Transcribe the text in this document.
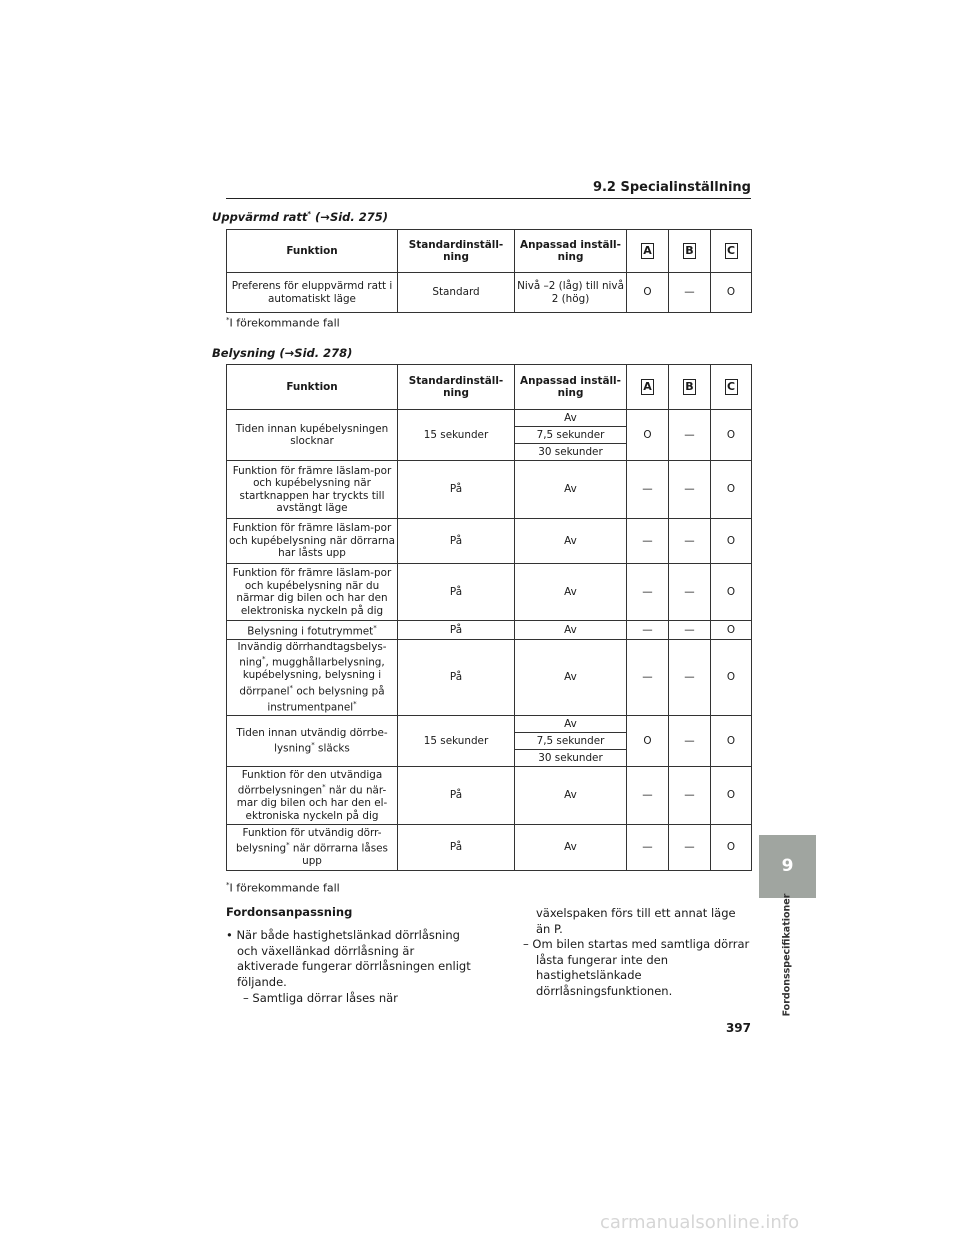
9.2 Specialinställning
Uppvärmd ratt* (→Sid. 275)
Funktion	Standardinställ-ning	Anpassad inställ-ning	A	B	C
Preferens för eluppvärmd ratt i automatiskt läge	Standard	Nivå –2 (låg) till nivå 2 (hög)	O	—	O
*I förekommande fall
Belysning (→Sid. 278)
Funktion	Standardinställ-ning	Anpassad inställ-ning	A	B	C
Tiden innan kupébelysningen slocknar	15 sekunder	Av	O	—	O
		7,5 sekunder			
		30 sekunder			
Funktion för främre läslam-por och kupébelysning när startknappen har tryckts till avstängt läge	På	Av	—	—	O
Funktion för främre läslam-por och kupébelysning när dörrarna har låsts upp	På	Av	—	—	O
Funktion för främre läslam-por och kupébelysning när du närmar dig bilen och har den elektroniska nyckeln på dig	På	Av	—	—	O
Belysning i fotutrymmet*	På	Av	—	—	O
Invändig dörrhandtagsbelys-ning*, mugghållarbelysning, kupébelysning, belysning i dörrpanel* och belysning på instrumentpanel*	På	Av	—	—	O
Tiden innan utvändig dörrbe-lysning* släcks	15 sekunder	Av	O	—	O
		7,5 sekunder			
		30 sekunder			
Funktion för den utvändiga dörrbelysningen* när du när-mar dig bilen och har den el-ektroniska nyckeln på dig	På	Av	—	—	O
Funktion för utvändig dörr-belysning* när dörrarna låses upp	På	Av	—	—	O
*I förekommande fall
Fordonsanpassning
• När både hastighetslänkad dörrlåsning och växellänkad dörrlåsning är aktiverade fungerar dörrlåsningen enligt följande.
– Samtliga dörrar låses när
växelspaken förs till ett annat läge än P.
– Om bilen startas med samtliga dörrar låsta fungerar inte den hastighetslänkade dörrlåsningsfunktionen.
9
Fordonsspecifikationer
397
carmanualsonline.info
